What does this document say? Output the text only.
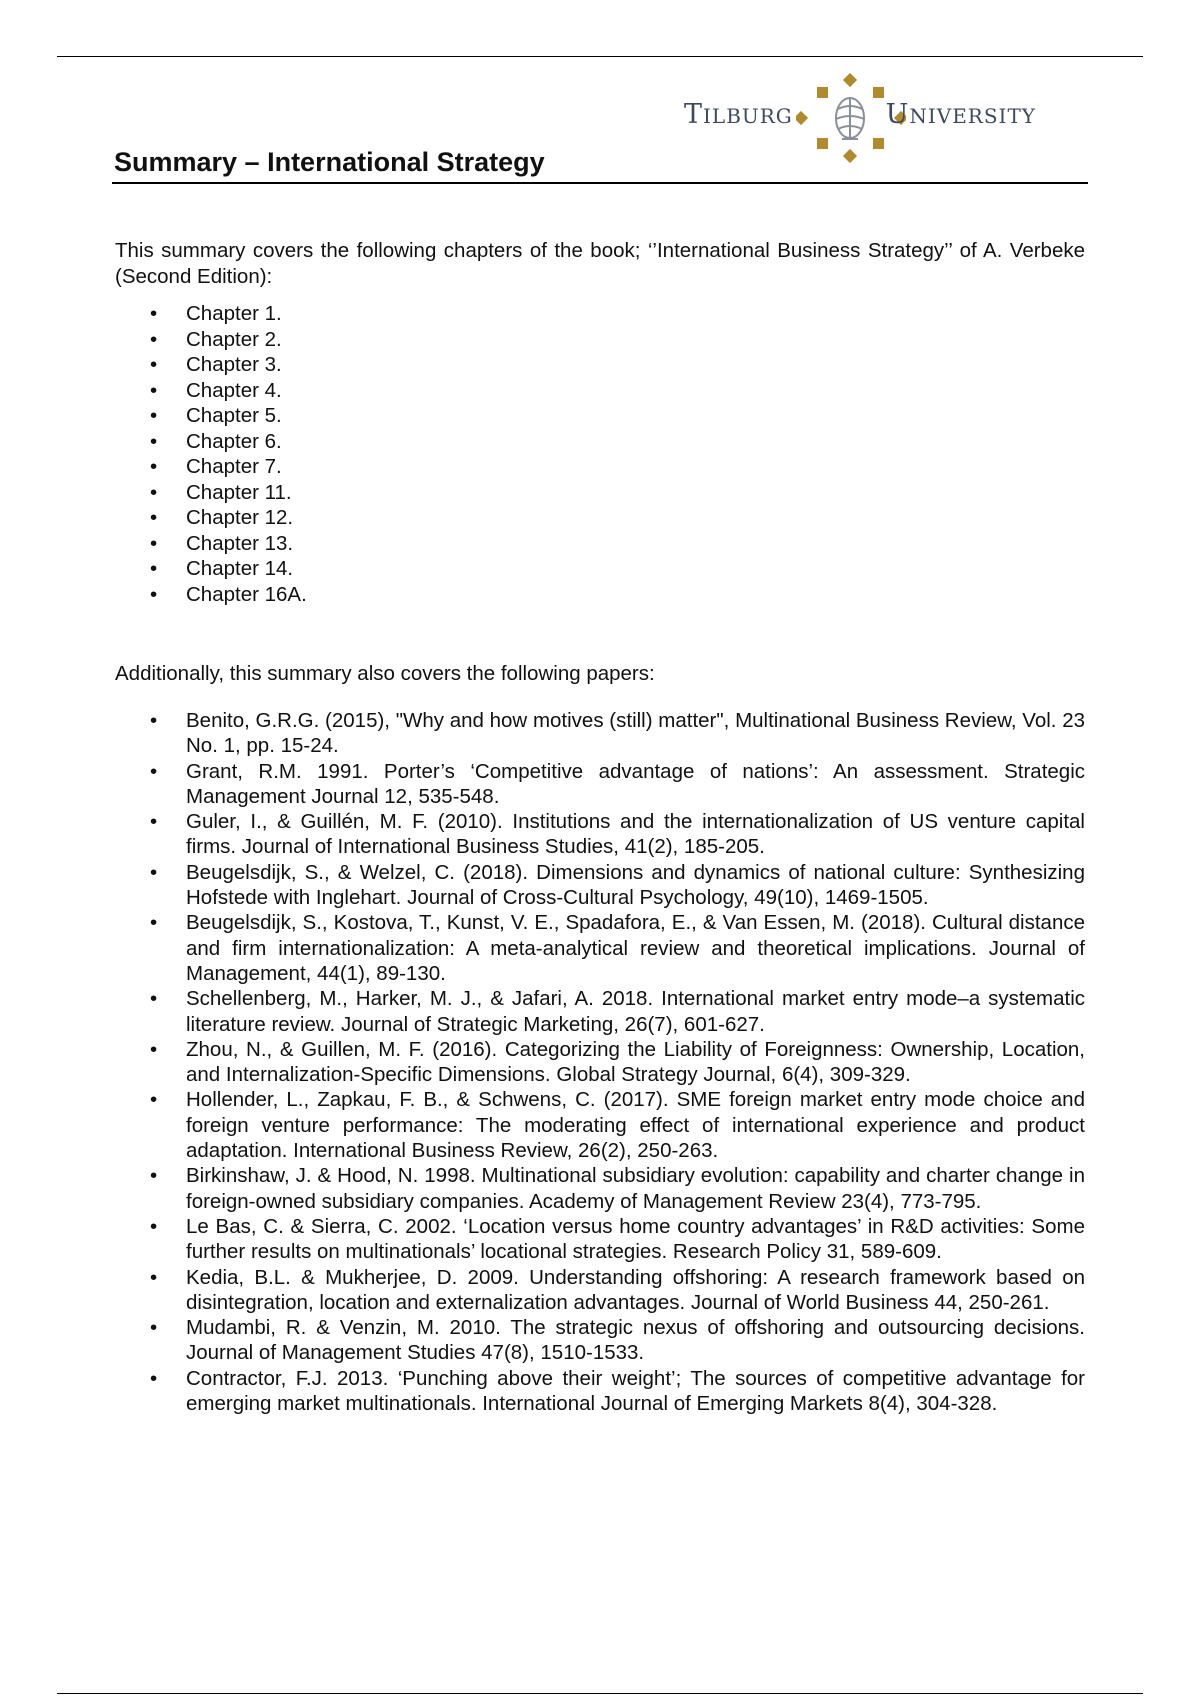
Summary – International Strategy
TILBURG	UNIVERSITY

This summary covers the following chapters of the book; ‘’International Business Strategy’’ of A. Verbeke (Second Edition):

• Chapter 1.
• Chapter 2.
• Chapter 3.
• Chapter 4.
• Chapter 5.
• Chapter 6.
• Chapter 7.
• Chapter 11.
• Chapter 12.
• Chapter 13.
• Chapter 14.
• Chapter 16A.

Additionally, this summary also covers the following papers:

• Benito, G.R.G. (2015), "Why and how motives (still) matter", Multinational Business Review, Vol. 23 No. 1, pp. 15-24.
• Grant, R.M. 1991. Porter’s ‘Competitive advantage of nations’: An assessment. Strategic Management Journal 12, 535-548.
• Guler, I., & Guillén, M. F. (2010). Institutions and the internationalization of US venture capital firms. Journal of International Business Studies, 41(2), 185-205.
• Beugelsdijk, S., & Welzel, C. (2018). Dimensions and dynamics of national culture: Synthesizing Hofstede with Inglehart. Journal of Cross-Cultural Psychology, 49(10), 1469-1505.
• Beugelsdijk, S., Kostova, T., Kunst, V. E., Spadafora, E., & Van Essen, M. (2018). Cultural distance and firm internationalization: A meta-analytical review and theoretical implications. Journal of Management, 44(1), 89-130.
• Schellenberg, M., Harker, M. J., & Jafari, A. 2018. International market entry mode–a systematic literature review. Journal of Strategic Marketing, 26(7), 601-627.
• Zhou, N., & Guillen, M. F. (2016). Categorizing the Liability of Foreignness: Ownership, Location, and Internalization-Specific Dimensions. Global Strategy Journal, 6(4), 309-329.
• Hollender, L., Zapkau, F. B., & Schwens, C. (2017). SME foreign market entry mode choice and foreign venture performance: The moderating effect of international experience and product adaptation. International Business Review, 26(2), 250-263.
• Birkinshaw, J. & Hood, N. 1998. Multinational subsidiary evolution: capability and charter change in foreign-owned subsidiary companies. Academy of Management Review 23(4), 773-795.
• Le Bas, C. & Sierra, C. 2002. ‘Location versus home country advantages’ in R&D activities: Some further results on multinationals’ locational strategies. Research Policy 31, 589-609.
• Kedia, B.L. & Mukherjee, D. 2009. Understanding offshoring: A research framework based on disintegration, location and externalization advantages. Journal of World Business 44, 250-261.
• Mudambi, R. & Venzin, M. 2010. The strategic nexus of offshoring and outsourcing decisions. Journal of Management Studies 47(8), 1510-1533.
• Contractor, F.J. 2013. ‘Punching above their weight’; The sources of competitive advantage for emerging market multinationals. International Journal of Emerging Markets 8(4), 304-328.
